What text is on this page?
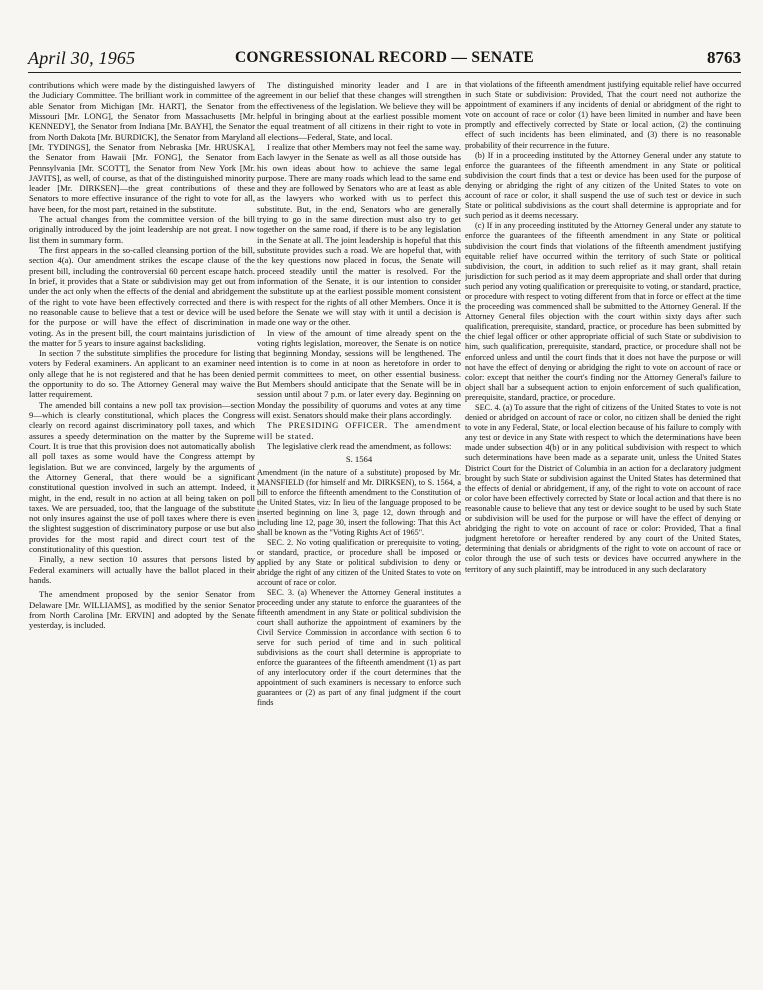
April 30, 1965	CONGRESSIONAL RECORD — SENATE	8763

contributions which were made by the distinguished lawyers of the Judiciary Committee. The brilliant work in committee of the able Senator from Michigan [Mr. HART], the Senator from Missouri [Mr. LONG], the Senator from Massachusetts [Mr. KENNEDY], the Senator from Indiana [Mr. BAYH], the Senator from North Dakota [Mr. BURDICK], the Senator from Maryland [Mr. TYDINGS], the Senator from Nebraska [Mr. HRUSKA], the Senator from Hawaii [Mr. FONG], the Senator from Pennsylvania [Mr. SCOTT], the Senator from New York [Mr. JAVITS], as well, of course, as that of the distinguished minority leader [Mr. DIRKSEN]—the great contributions of these Senators to more effective insurance of the right to vote for all, have been, for the most part, retained in the substitute.

The actual changes from the committee version of the bill originally introduced by the joint leadership are not great. I now list them in summary form.

The first appears in the so-called cleansing portion of the bill, section 4(a). Our amendment strikes the escape clause of the present bill, including the controversial 60 percent escape hatch. In brief, it provides that a State or subdivision may get out from under the act only when the effects of the denial and abridgement of the right to vote have been effectively corrected and there is no reasonable cause to believe that a test or device will be used for the purpose or will have the effect of discrimination in voting. As in the present bill, the court maintains jurisdiction of the matter for 5 years to insure against backsliding.

In section 7 the substitute simplifies the procedure for listing voters by Federal examiners. An applicant to an examiner need only allege that he is not registered and that he has been denied the opportunity to do so. The Attorney General may waive the latter requirement.

The amended bill contains a new poll tax provision—section 9—which is clearly constitutional, which places the Congress clearly on record against discriminatory poll taxes, and which assures a speedy determination on the matter by the Supreme Court. It is true that this provision does not automatically abolish all poll taxes as some would have the Congress attempt by legislation. But we are convinced, largely by the arguments of the Attorney General, that there would be a significant constitutional question involved in such an attempt. Indeed, it might, in the end, result in no action at all being taken on poll taxes. We are persuaded, too, that the language of the substitute not only insures against the use of poll taxes where there is even the slightest suggestion of discriminatory purpose or use but also provides for the most rapid and direct court test of the constitutionality of this question.

Finally, a new section 10 assures that persons listed by Federal examiners will actually have the ballot placed in their hands.

The amendment proposed by the senior Senator from Delaware [Mr. WILLIAMS], as modified by the senior Senator from North Carolina [Mr. ERVIN] and adopted by the Senate yesterday, is included.

The distinguished minority leader and I are in agreement in our belief that these changes will strengthen the effectiveness of the legislation. We believe they will be helpful in bringing about at the earliest possible moment the equal treatment of all citizens in their right to vote in all elections—Federal, State, and local.

I realize that other Members may not feel the same way. Each lawyer in the Senate as well as all those outside has his own ideas about how to achieve the same legal purpose. There are many roads which lead to the same end and they are followed by Senators who are at least as able as the lawyers who worked with us to perfect this substitute. But, in the end, Senators who are generally trying to go in the same direction must also try to get together on the same road, if there is to be any legislation in the Senate at all. The joint leadership is hopeful that this substitute provides such a road. We are hopeful that, with the key questions now placed in focus, the Senate will proceed steadily until the matter is resolved. For the information of the Senate, it is our intention to consider the substitute up at the earliest possible moment consistent with respect for the rights of all other Members. Once it is before the Senate we will stay with it until a decision is made one way or the other.

In view of the amount of time already spent on the voting rights legislation, moreover, the Senate is on notice that beginning Monday, sessions will be lengthened. The intention is to come in at noon as heretofore in order to permit committees to meet, on other essential business. But Members should anticipate that the Senate will be in session until about 7 p.m. or later every day. Beginning on Monday the possibility of quorums and votes at any time will exist. Senators should make their plans accordingly.

The PRESIDING OFFICER. The amendment will be stated.

The legislative clerk read the amendment, as follows:

S. 1564

Amendment (in the nature of a substitute) proposed by Mr. MANSFIELD (for himself and Mr. DIRKSEN), to S. 1564, a bill to enforce the fifteenth amendment to the Constitution of the United States, viz: In lieu of the language proposed to be inserted beginning on line 3, page 12, down through and including line 12, page 30, insert the following: That this Act shall be known as the "Voting Rights Act of 1965".

SEC. 2. No voting qualification or prerequisite to voting, or standard, practice, or procedure shall be imposed or applied by any State or political subdivision to deny or abridge the right of any citizen of the United States to vote on account of race or color.

SEC. 3. (a) Whenever the Attorney General institutes a proceeding under any statute to enforce the guarantees of the fifteenth amendment in any State or political subdivision the court shall authorize the appointment of examiners by the Civil Service Commission in accordance with section 6 to serve for such period of time and in such political subdivisions as the court shall determine is appropriate to enforce the guarantees of the fifteenth amendment (1) as part of any interlocutory order if the court determines that the appointment of such examiners is necessary to enforce such guarantees or (2) as part of any final judgment if the court finds

that violations of the fifteenth amendment justifying equitable relief have occurred in such State or subdivision: Provided, That the court need not authorize the appointment of examiners if any incidents of denial or abridgment of the right to vote on account of race or color (1) have been limited in number and have been promptly and effectively corrected by State or local action, (2) the continuing effect of such incidents has been eliminated, and (3) there is no reasonable probability of their recurrence in the future.

(b) If in a proceeding instituted by the Attorney General under any statute to enforce the guarantees of the fifteenth amendment in any State or political subdivision the court finds that a test or device has been used for the purpose of denying or abridging the right of any citizen of the United States to vote on account of race or color, it shall suspend the use of such test or device in such State or political subdivisions as the court shall determine is appropriate and for such period as it deems necessary.

(c) If in any proceeding instituted by the Attorney General under any statute to enforce the guarantees of the fifteenth amendment in any State or political subdivision the court finds that violations of the fifteenth amendment justifying equitable relief have occurred within the territory of such State or political subdivision, the court, in addition to such relief as it may grant, shall retain jurisdiction for such period as it may deem appropriate and shall order that during such period any voting qualification or prerequisite to voting, or standard, practice, or procedure with respect to voting different from that in force or effect at the time the proceeding was commenced shall be submitted to the Attorney General. If the Attorney General files objection with the court within sixty days after such qualification, prerequisite, standard, practice, or procedure has been submitted by the chief legal officer or other appropriate official of such State or subdivision to him, such qualification, prerequisite, standard, practice, or procedure shall not be enforced unless and until the court finds that it does not have the purpose or will not have the effect of denying or abridging the right to vote on account of race or color: except that neither the court's finding nor the Attorney General's failure to object shall bar a subsequent action to enjoin enforcement of such qualification, prerequisite, standard, practice, or procedure.

SEC. 4. (a) To assure that the right of citizens of the United States to vote is not denied or abridged on account of race or color, no citizen shall be denied the right to vote in any Federal, State, or local election because of his failure to comply with any test or device in any State with respect to which the determinations have been made under subsection 4(b) or in any political subdivision with respect to which such determinations have been made as a separate unit, unless the United States District Court for the District of Columbia in an action for a declaratory judgment brought by such State or subdivision against the United States has determined that the effects of denial or abridgement, if any, of the right to vote on account of race or color have been effectively corrected by State or local action and that there is no reasonable cause to believe that any test or device sought to be used by such State or subdivision will be used for the purpose or will have the effect of denying or abridging the right to vote on account of race or color: Provided, That a final judgment heretofore or hereafter rendered by any court of the United States, determining that denials or abridgments of the right to vote on account of race or color through the use of such tests or devices have occurred anywhere in the territory of any such plaintiff, may be introduced in any such declaratory
